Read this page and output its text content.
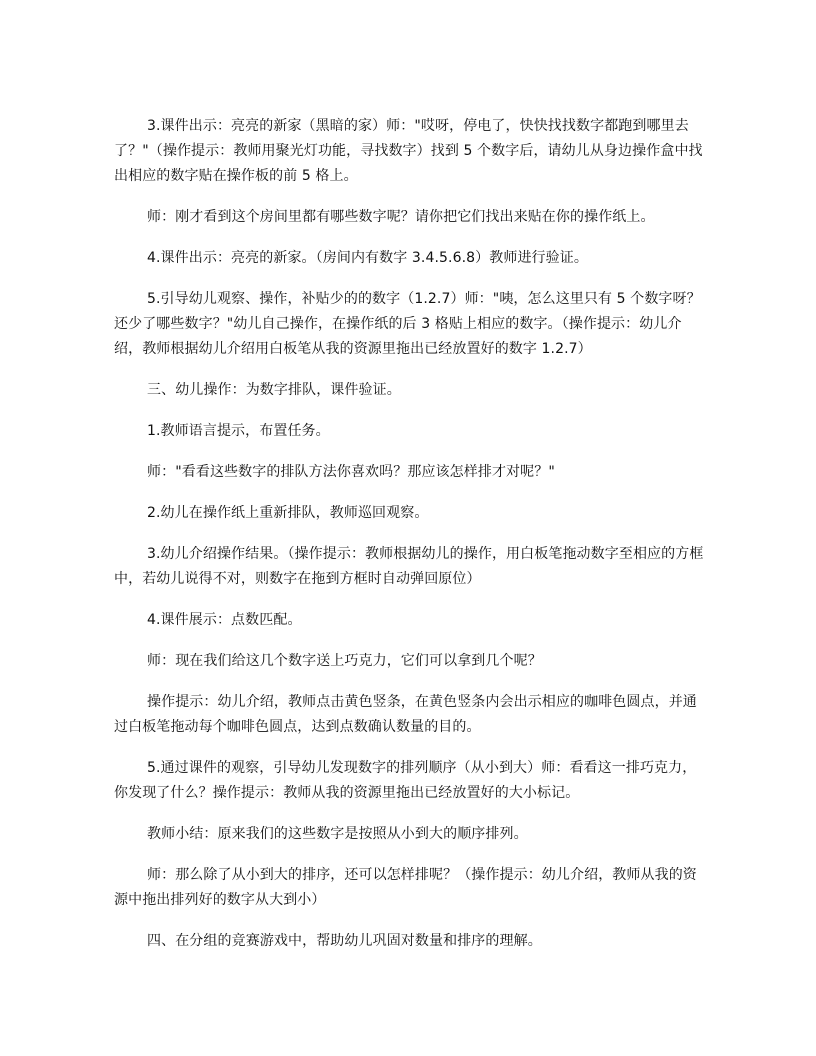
3.课件出示：亮亮的新家（黑暗的家）师："哎呀，停电了，快快找找数字都跑到哪里去了？"（操作提示：教师用聚光灯功能，寻找数字）找到 5 个数字后，请幼儿从身边操作盒中找出相应的数字贴在操作板的前 5 格上。

师：刚才看到这个房间里都有哪些数字呢？请你把它们找出来贴在你的操作纸上。

4.课件出示：亮亮的新家。（房间内有数字 3.4.5.6.8）教师进行验证。

5.引导幼儿观察、操作，补贴少的的数字（1.2.7）师："咦，怎么这里只有 5 个数字呀？还少了哪些数字？"幼儿自己操作，在操作纸的后 3 格贴上相应的数字。（操作提示：幼儿介绍，教师根据幼儿介绍用白板笔从我的资源里拖出已经放置好的数字 1.2.7）

三、幼儿操作：为数字排队，课件验证。

1.教师语言提示，布置任务。

师："看看这些数字的排队方法你喜欢吗？那应该怎样排才对呢？"

2.幼儿在操作纸上重新排队，教师巡回观察。

3.幼儿介绍操作结果。（操作提示：教师根据幼儿的操作，用白板笔拖动数字至相应的方框中，若幼儿说得不对，则数字在拖到方框时自动弹回原位）

4.课件展示：点数匹配。

师：现在我们给这几个数字送上巧克力，它们可以拿到几个呢？

操作提示：幼儿介绍，教师点击黄色竖条，在黄色竖条内会出示相应的咖啡色圆点，并通过白板笔拖动每个咖啡色圆点，达到点数确认数量的目的。

5.通过课件的观察，引导幼儿发现数字的排列顺序（从小到大）师：看看这一排巧克力，你发现了什么？操作提示：教师从我的资源里拖出已经放置好的大小标记。

教师小结：原来我们的这些数字是按照从小到大的顺序排列。

师：那么除了从小到大的排序，还可以怎样排呢？（操作提示：幼儿介绍，教师从我的资源中拖出排列好的数字从大到小）

四、在分组的竞赛游戏中，帮助幼儿巩固对数量和排序的理解。
